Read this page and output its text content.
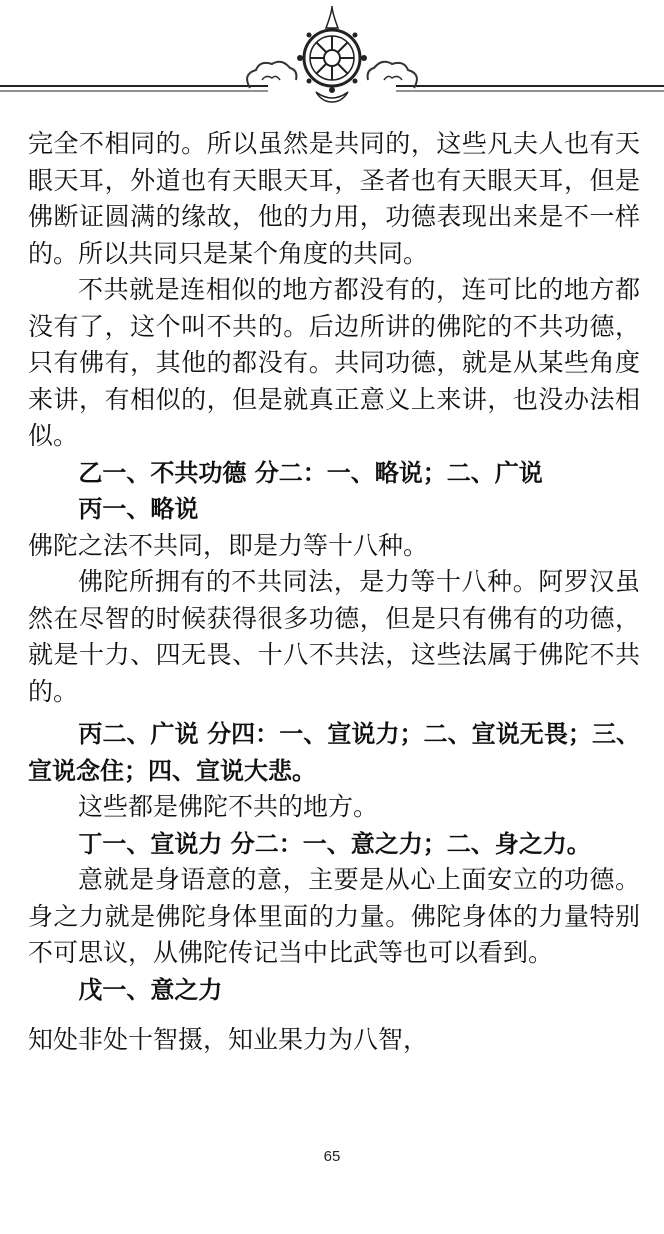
完全不相同的。所以虽然是共同的，这些凡夫人也有天眼天耳，外道也有天眼天耳，圣者也有天眼天耳，但是佛断证圆满的缘故，他的力用，功德表现出来是不一样的。所以共同只是某个角度的共同。

不共就是连相似的地方都没有的，连可比的地方都没有了，这个叫不共的。后边所讲的佛陀的不共功德，只有佛有，其他的都没有。共同功德，就是从某些角度来讲，有相似的，但是就真正意义上来讲，也没办法相似。

乙一、不共功德 分二：一、略说；二、广说

丙一、略说

佛陀之法不共同，即是力等十八种。

佛陀所拥有的不共同法，是力等十八种。阿罗汉虽然在尽智的时候获得很多功德，但是只有佛有的功德，就是十力、四无畏、十八不共法，这些法属于佛陀不共的。

丙二、广说 分四：一、宣说力；二、宣说无畏；三、宣说念住；四、宣说大悲。

这些都是佛陀不共的地方。

丁一、宣说力 分二：一、意之力；二、身之力。

意就是身语意的意，主要是从心上面安立的功德。身之力就是佛陀身体里面的力量。佛陀身体的力量特别不可思议，从佛陀传记当中比武等也可以看到。

戊一、意之力

知处非处十智摄，知业果力为八智，

65
